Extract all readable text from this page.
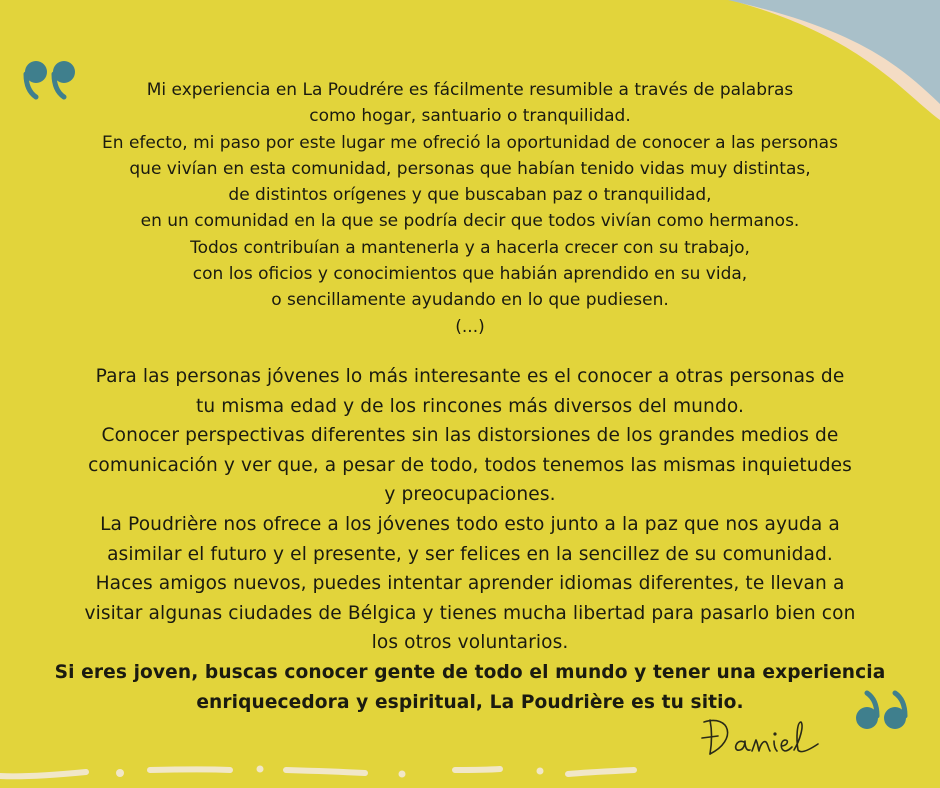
Mi experiencia en La Poudrére es fácilmente resumible a través de palabras
como hogar, santuario o tranquilidad.
En efecto, mi paso por este lugar me ofreció la oportunidad de conocer a las personas
que vivían en esta comunidad, personas que habían tenido vidas muy distintas,
de distintos orígenes y que buscaban paz o tranquilidad,
en un comunidad en la que se podría decir que todos vivían como hermanos.
Todos contribuían a mantenerla y a hacerla crecer con su trabajo,
con los oficios y conocimientos que habián aprendido en su vida,
o sencillamente ayudando en lo que pudiesen.
(...)
Para las personas jóvenes lo más interesante es el conocer a otras personas de
tu misma edad y de los rincones más diversos del mundo.
Conocer perspectivas diferentes sin las distorsiones de los grandes medios de
comunicación y ver que, a pesar de todo, todos tenemos las mismas inquietudes
y preocupaciones.
La Poudrière nos ofrece a los jóvenes todo esto junto a la paz que nos ayuda a
asimilar el futuro y el presente, y ser felices en la sencillez de su comunidad.
Haces amigos nuevos, puedes intentar aprender idiomas diferentes, te llevan a
visitar algunas ciudades de Bélgica y tienes mucha libertad para pasarlo bien con
los otros voluntarios.
Si eres joven, buscas conocer gente de todo el mundo y tener una experiencia
enriquecedora y espiritual, La Poudrière es tu sitio.
